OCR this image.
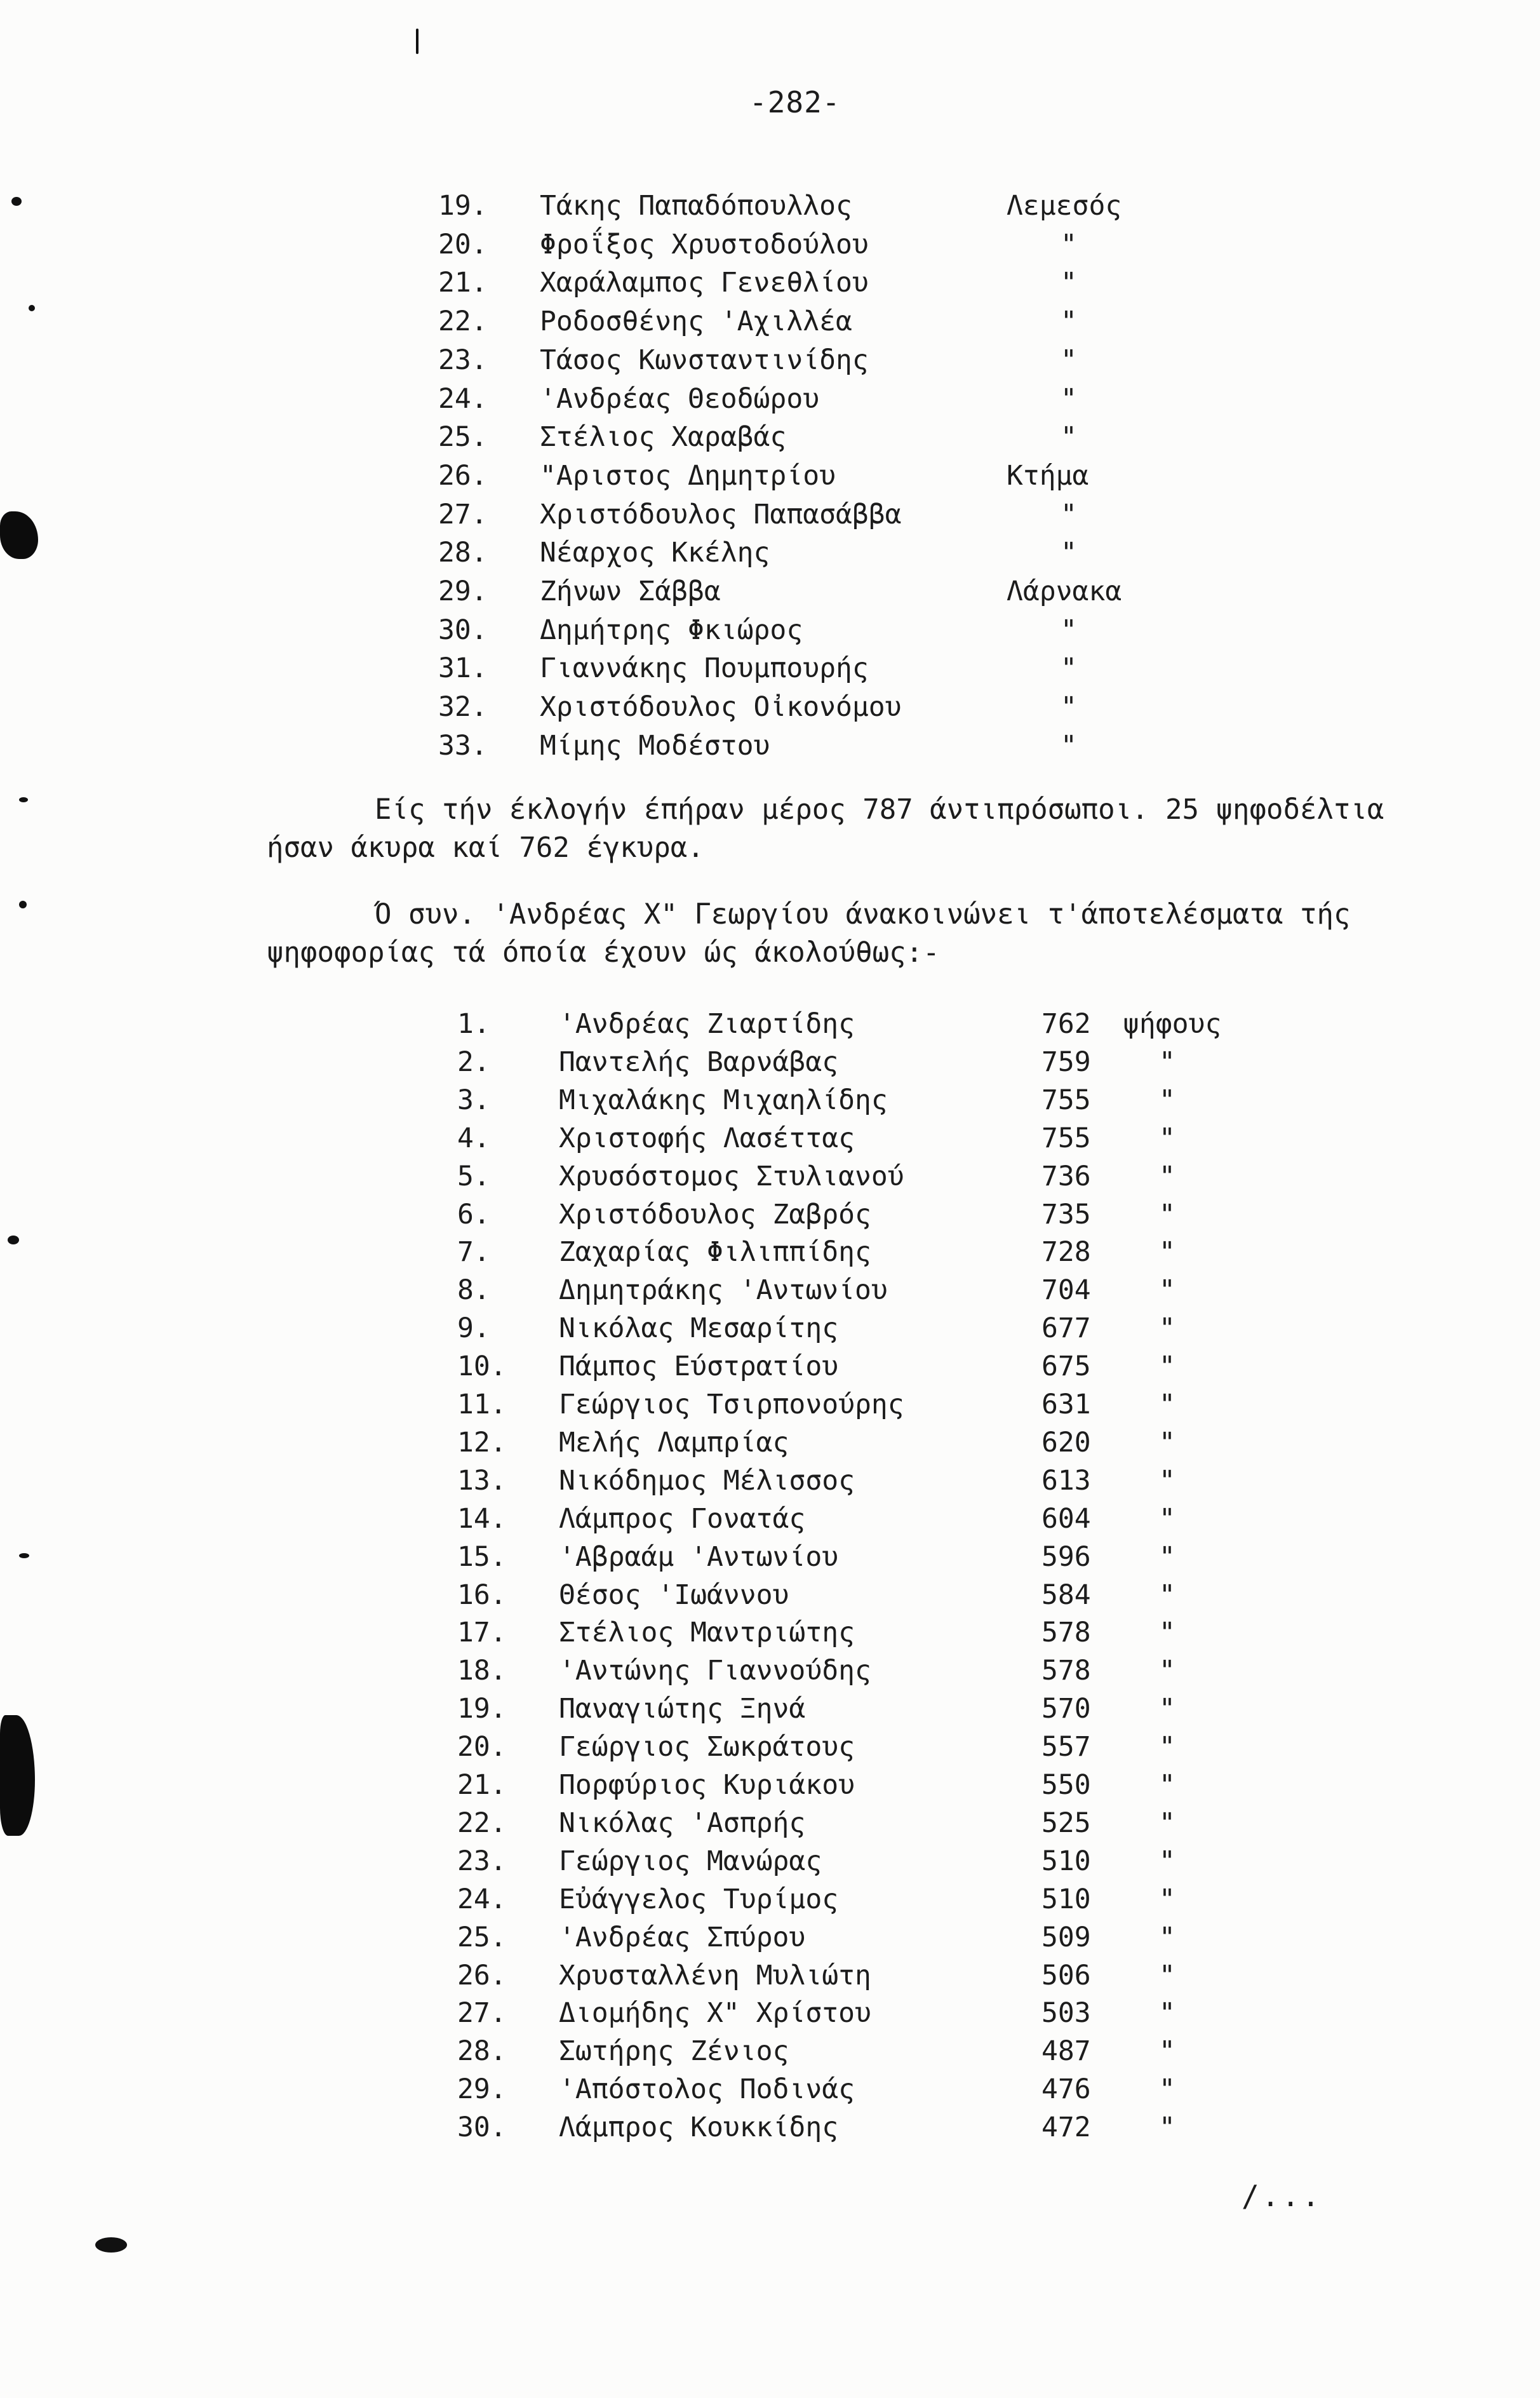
-282-
19.	Τάκης Παπαδόπουλλος	Λεμεσός
20.	Φροΐξος Χρυστοδούλου	"
21.	Χαράλαμπος Γενεθλίου	"
22.	Ροδοσθένης 'Αχιλλέα	"
23.	Τάσος Κωνσταντινίδης	"
24.	'Ανδρέας Θεοδώρου	"
25.	Στέλιος Χαραβάς	"
26.	"Αριστος Δημητρίου	Κτήμα
27.	Χριστόδουλος Παπασάββα	"
28.	Νέαρχος Κκέλης	"
29.	Ζήνων Σάββα	Λάρνακα
30.	Δημήτρης Φκιώρος	"
31.	Γιαννάκης Πουμπουρής	"
32.	Χριστόδουλος Οἰκονόμου	"
33.	Μίμης Μοδέστου	"
Είς τήν έκλογήν έπήραν μέρος 787 άντιπρόσωποι. 25 ψηφοδέλτια
ήσαν άκυρα καί 762 έγκυρα.
Ό συν. 'Ανδρέας Χ" Γεωργίου άνακοινώνει τ'άποτελέσματα τής
ψηφοφορίας τά όποία έχουν ώς άκολούθως:-
1.	'Ανδρέας Ζιαρτίδης	762 ψήφους
2.	Παντελής Βαρνάβας	759 "
3.	Μιχαλάκης Μιχαηλίδης	755 "
4.	Χριστοφής Λασέττας	755 "
5.	Χρυσόστομος Στυλιανού	736 "
6.	Χριστόδουλος Ζαβρός	735 "
7.	Ζαχαρίας Φιλιππίδης	728 "
8.	Δημητράκης 'Αντωνίου	704 "
9.	Νικόλας Μεσαρίτης	677 "
10.	Πάμπος Εύστρατίου	675 "
11.	Γεώργιος Τσιρπονούρης	631 "
12.	Μελής Λαμπρίας	620 "
13.	Νικόδημος Μέλισσος	613 "
14.	Λάμπρος Γονατάς	604 "
15.	'Αβραάμ 'Αντωνίου	596 "
16.	Θέσος 'Ιωάννου	584 "
17.	Στέλιος Μαντριώτης	578 "
18.	'Αντώνης Γιαννούδης	578 "
19.	Παναγιώτης Ξηνά	570 "
20.	Γεώργιος Σωκράτους	557 "
21.	Πορφύριος Κυριάκου	550 "
22.	Νικόλας 'Ασπρής	525 "
23.	Γεώργιος Μανώρας	510 "
24.	Εὐάγγελος Τυρίμος	510 "
25.	'Ανδρέας Σπύρου	509 "
26.	Χρυσταλλένη Μυλιώτη	506 "
27.	Διομήδης Χ" Χρίστου	503 "
28.	Σωτήρης Ζένιος	487 "
29.	'Απόστολος Ποδινάς	476 "
30.	Λάμπρος Κουκκίδης	472 "
/...
